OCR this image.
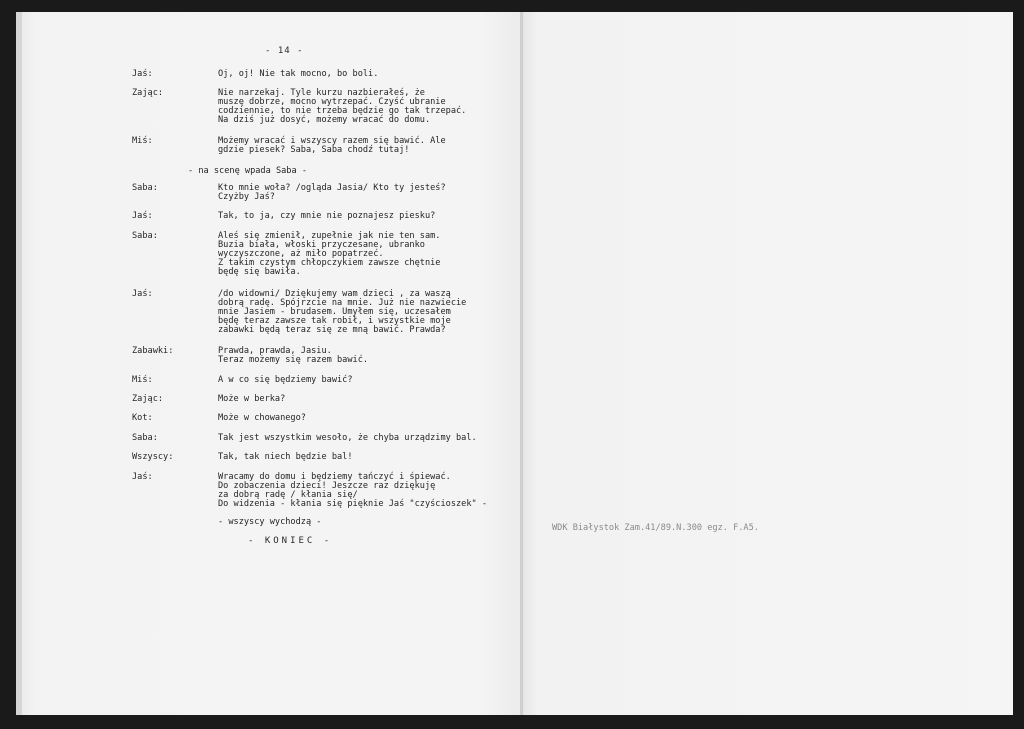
- 14 -
Jaś:	Oj, oj! Nie tak mocno, bo boli.
Zając:	Nie narzekaj. Tyle kurzu nazbierałeś, że
muszę dobrze, mocno wytrzepać. Czyść ubranie
codziennie, to nie trzeba będzie go tak trzepać.
Na dziś już dosyć, możemy wracać do domu.
Miś:	Możemy wracać i wszyscy razem się bawić. Ale
gdzie piesek? Saba, Saba chodź tutaj!
- na scenę wpada Saba -
Saba:	Kto mnie woła? /ogląda Jasia/ Kto ty jesteś?
Czyżby Jaś?
Jaś:	Tak, to ja, czy mnie nie poznajesz piesku?
Saba:	Aleś się zmienił, zupełnie jak nie ten sam.
Buzia biała, włoski przyczesane, ubranko
wyczyszczone, aż miło popatrzeć.
Z takim czystym chłopczykiem zawsze chętnie
będę się bawiła.
Jaś:	/do widowni/ Dziękujemy wam dzieci , za waszą
dobrą radę. Spójrzcie na mnie. Już nie nazwiecie
mnie Jasiem - brudasem. Umyłem się, uczesałem
będę teraz zawsze tak robił, i wszystkie moje
zabawki będą teraz się ze mną bawić. Prawda?
Zabawki:	Prawda, prawda, Jasiu.
Teraz możemy się razem bawić.
Miś:	A w co się będziemy bawić?
Zając:	Może w berka?
Kot:	Może w chowanego?
Saba:	Tak jest wszystkim wesoło, że chyba urządzimy bal.
Wszyscy:	Tak, tak niech będzie bal!
Jaś:	Wracamy do domu i będziemy tańczyć i śpiewać.
Do zobaczenia dzieci! Jeszcze raz dziękuję
za dobrą radę / kłania się/
Do widzenia - kłania się pięknie Jaś "czyścioszek" -
- wszyscy wychodzą -
- KONIEC -
WDK Białystok Zam.41/89.N.300 egz. F.A5.
